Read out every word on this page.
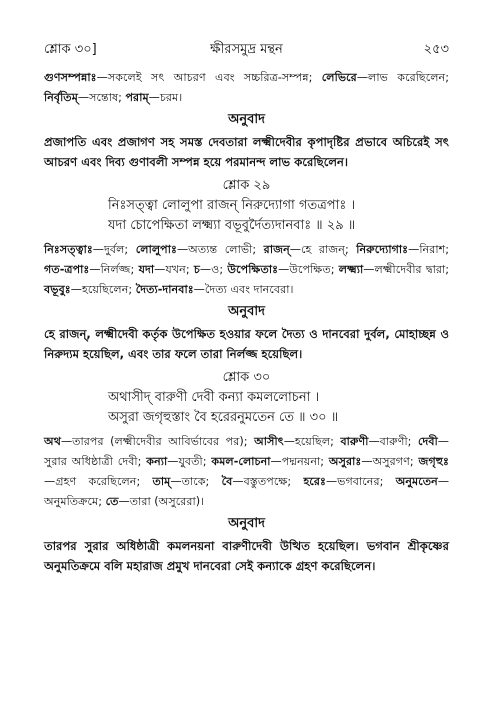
শ্লোক ৩০]	ক্ষীরসমুদ্র মন্থন	২৫৩

গুণসম্পন্নাঃ—সকলেই সৎ আচরণ এবং সচ্চরিত্র-সম্পন্ন; লেভিরে—লাভ করেছিলেন; নির্বৃতিম্—সন্তোষ; পরাম্—চরম।

অনুবাদ

প্রজাপতি এবং প্রজাগণ সহ সমস্ত দেবতারা লক্ষ্মীদেবীর কৃপাদৃষ্টির প্রভাবে অচিরেই সৎ আচরণ এবং দিব্য গুণাবলী সম্পন্ন হয়ে পরমানন্দ লাভ করেছিলেন।

শ্লোক ২৯
নিঃসত্ত্বা লোলুপা রাজন্ নিরুদ্যোগা গতত্রপাঃ ।
যদা চোপেক্ষিতা লক্ষ্ম্যা বভূবুর্দৈত্যদানবাঃ ॥ ২৯ ॥

নিঃসত্ত্বাঃ—দুর্বল; লোলুপাঃ—অত্যন্ত লোভী; রাজন্—হে রাজন্; নিরুদ্যোগাঃ—নিরাশ; গত-ত্রপাঃ—নির্লজ্জ; যদা—যখন; চ—ও; উপেক্ষিতাঃ—উপেক্ষিত; লক্ষ্ম্যা—লক্ষ্মীদেবীর দ্বারা; বভূবুঃ—হয়েছিলেন; দৈত্য-দানবাঃ—দৈত্য এবং দানবেরা।

অনুবাদ

হে রাজন্, লক্ষ্মীদেবী কর্তৃক উপেক্ষিত হওয়ার ফলে দৈত্য ও দানবেরা দুর্বল, মোহাচ্ছন্ন ও নিরুদ্যম হয়েছিল, এবং তার ফলে তারা নির্লজ্জ হয়েছিল।

শ্লোক ৩০
অথাসীদ্ বারুণী দেবী কন্যা কমললোচনা ।
অসুরা জগৃহুস্তাং বৈ হরেরনুমতেন তে ॥ ৩০ ॥

অথ—তারপর (লক্ষ্মীদেবীর আবির্ভাবের পর); আসীৎ—হয়েছিল; বারুণী—বারুণী; দেবী—সুরার অধিষ্ঠাত্রী দেবী; কন্যা—যুবতী; কমল-লোচনা—পদ্মনয়না; অসুরাঃ—অসুরগণ; জগৃহুঃ—গ্রহণ করেছিলেন; তাম্—তাকে; বৈ—বস্তুতপক্ষে; হরেঃ—ভগবানের; অনুমতেন—অনুমতিক্রমে; তে—তারা (অসুরেরা)।

অনুবাদ

তারপর সুরার অধিষ্ঠাত্রী কমলনয়না বারুণীদেবী উত্থিত হয়েছিল। ভগবান শ্রীকৃষ্ণের অনুমতিক্রমে বলি মহারাজ প্রমুখ দানবেরা সেই কন্যাকে গ্রহণ করেছিলেন।
